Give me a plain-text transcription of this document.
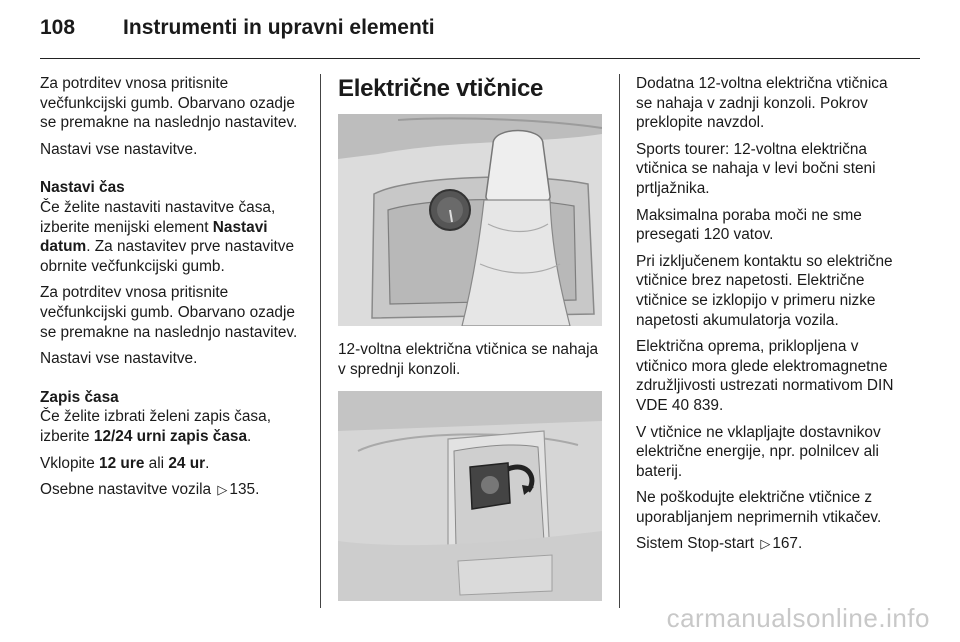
108 Instrumenti in upravni elementi

Za potrditev vnosa pritisnite večfunkcijski gumb. Obarvano ozadje se premakne na naslednjo nastavitev.

Nastavi vse nastavitve.

Nastavi čas
Če želite nastaviti nastavitve časa, izberite menijski element Nastavi datum. Za nastavitev prve nastavitve obrnite večfunkcijski gumb.

Za potrditev vnosa pritisnite večfunkcijski gumb. Obarvano ozadje se premakne na naslednjo nastavitev.

Nastavi vse nastavitve.

Zapis časa
Če želite izbrati želeni zapis časa, izberite 12/24 urni zapis časa.

Vklopite 12 ure ali 24 ur.

Osebne nastavitve vozila ▷ 135.

Električne vtičnice

12-voltna električna vtičnica se nahaja v sprednji konzoli.

Dodatna 12-voltna električna vtičnica se nahaja v zadnji konzoli. Pokrov preklopite navzdol.

Sports tourer: 12-voltna električna vtičnica se nahaja v levi bočni steni prtljažnika.

Maksimalna poraba moči ne sme presegati 120 vatov.

Pri izključenem kontaktu so električne vtičnice brez napetosti. Električne vtičnice se izklopijo v primeru nizke napetosti akumulatorja vozila.

Električna oprema, priklopljena v vtičnico mora glede elektromagnetne združljivosti ustrezati normativom DIN VDE 40 839.

V vtičnice ne vklapljajte dostavnikov električne energije, npr. polnilcev ali baterij.

Ne poškodujte električne vtičnice z uporabljanjem neprimernih vtikačev.

Sistem Stop-start ▷ 167.

carmanualsonline.info
